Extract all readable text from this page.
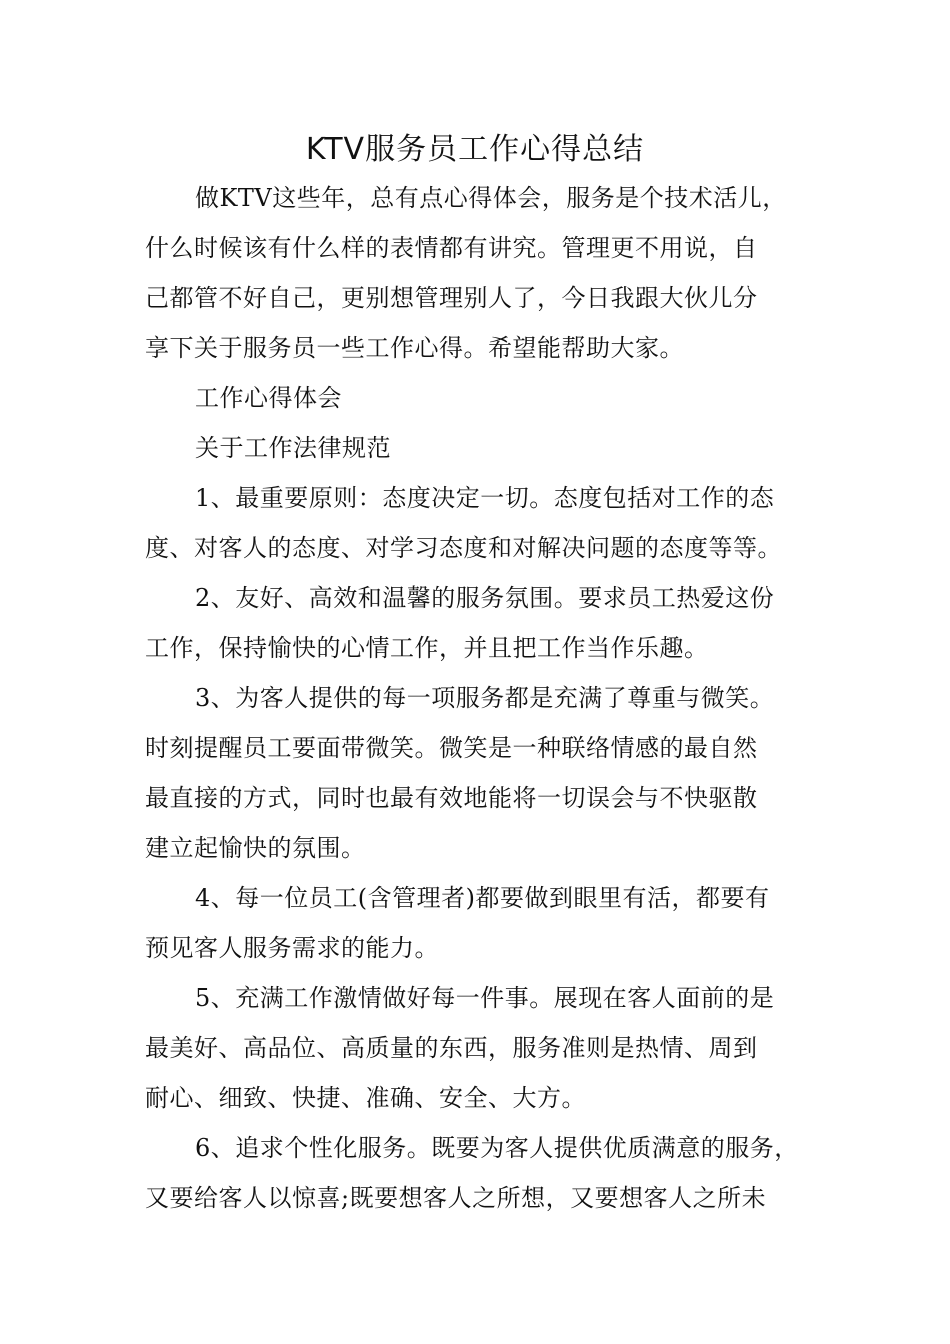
KTV服务员工作心得总结
做KTV这些年，总有点心得体会，服务是个技术活儿，
什么时候该有什么样的表情都有讲究。管理更不用说，自
己都管不好自己，更别想管理别人了，今日我跟大伙儿分
享下关于服务员一些工作心得。希望能帮助大家。
工作心得体会
关于工作法律规范
1、最重要原则：态度决定一切。态度包括对工作的态
度、对客人的态度、对学习态度和对解决问题的态度等等。
2、友好、高效和温馨的服务氛围。要求员工热爱这份
工作，保持愉快的心情工作，并且把工作当作乐趣。
3、为客人提供的每一项服务都是充满了尊重与微笑。
时刻提醒员工要面带微笑。微笑是一种联络情感的最自然
最直接的方式，同时也最有效地能将一切误会与不快驱散
建立起愉快的氛围。
4、每一位员工(含管理者)都要做到眼里有活，都要有
预见客人服务需求的能力。
5、充满工作激情做好每一件事。展现在客人面前的是
最美好、高品位、高质量的东西，服务准则是热情、周到
耐心、细致、快捷、准确、安全、大方。
6、追求个性化服务。既要为客人提供优质满意的服务，
又要给客人以惊喜;既要想客人之所想，又要想客人之所未
